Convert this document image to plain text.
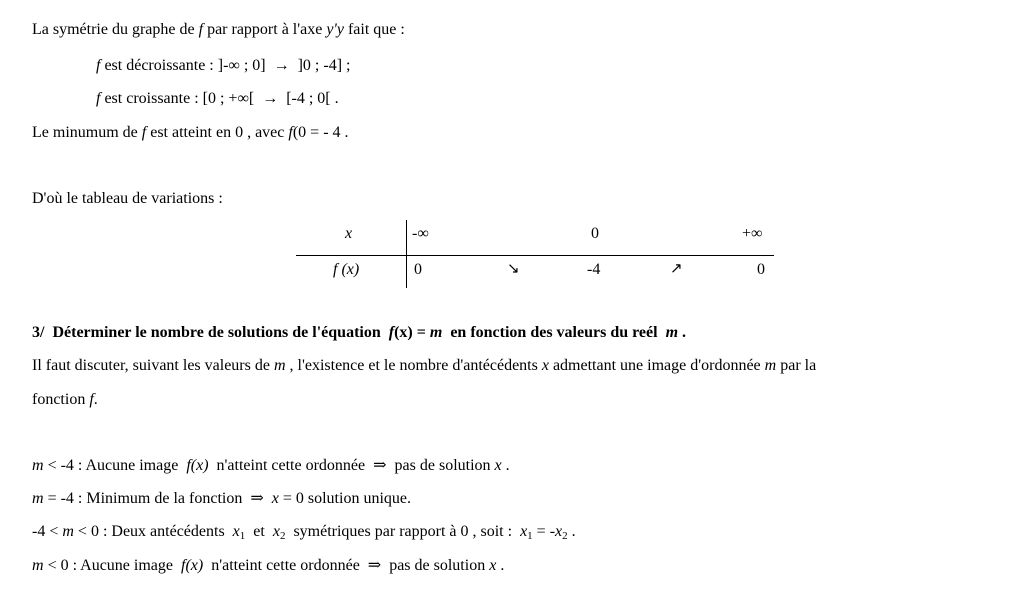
La symétrie du graphe de f par rapport à l'axe y'y fait que :
f est décroissante : ]-∞ ; 0] → ]0 ; -4] ;
f est croissante : [0 ; +∞[ → [-4 ; 0[ .
Le minumum de f est atteint en 0 , avec f(0 = - 4 .
D'où le tableau de variations :
x	-∞	0	+∞
f (x)	0	↘	-4	↗	0
3/ Déterminer le nombre de solutions de l'équation f(x) = m en fonction des valeurs du reél m .
Il faut discuter, suivant les valeurs de m , l'existence et le nombre d'antécédents x admettant une image d'ordonnée m par la
fonction f.
m < -4 : Aucune image f(x) n'atteint cette ordonnée ⇒ pas de solution x .
m = -4 : Minimum de la fonction ⇒ x = 0 solution unique.
-4 < m < 0 : Deux antécédents $x_1$ et $x_2$ symétriques par rapport à 0 , soit : $x_1 = -x_2$ .
m < 0 : Aucune image f(x) n'atteint cette ordonnée ⇒ pas de solution x .
